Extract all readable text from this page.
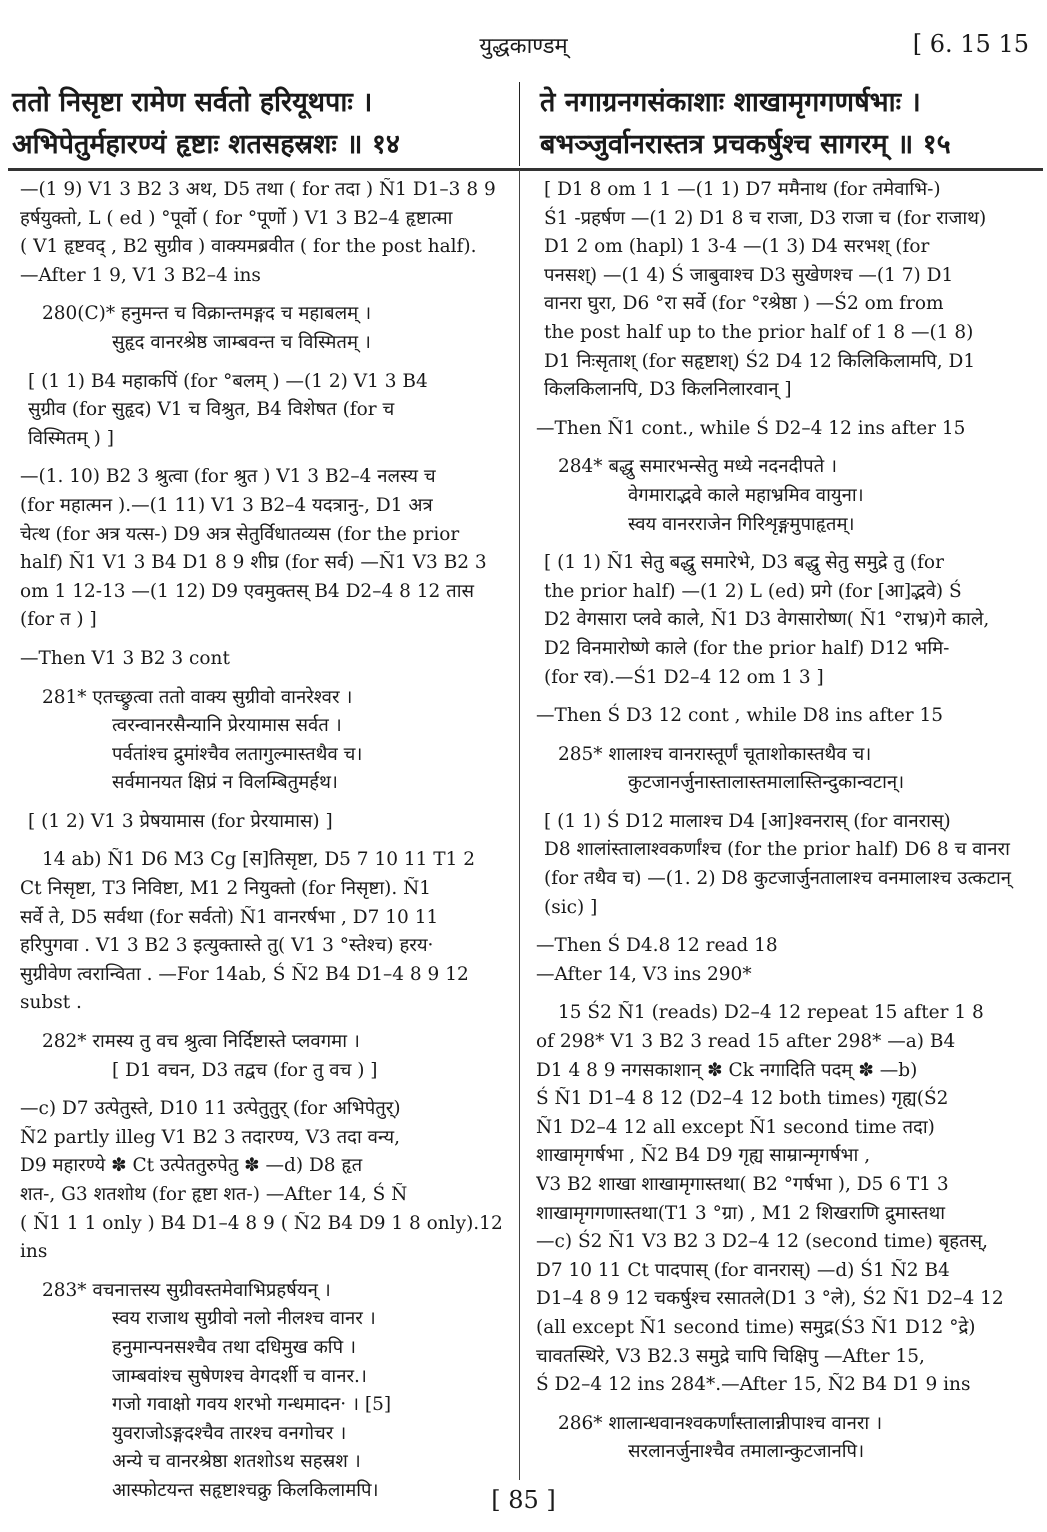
युद्धकाण्डम्	[ 6. 15 15
ततो निसृष्टा रामेण सर्वतो हरियूथपाः ।
अभिपेतुर्महारण्यं हृष्टाः शतसहस्रशः ॥ १४
ते नगाग्रनगसंकाशाः शाखामृगगणर्षभाः ।
बभञ्जुर्वानरास्तत्र प्रचकर्षुश्च सागरम् ॥ १५
—(1 9) V1 3 B2 3 अथ, D5 तथा ( for तदा ) Ñ1 D1–3 8 9
हर्षयुक्तो, L ( ed ) °पूर्वो ( for °पूर्णो ) V1 3 B2–4 हृष्टात्मा
( V1 हृष्टवद् , B2 सुग्रीव ) वाक्यमब्रवीत ( for the post half).
—After 1 9, V1 3 B2–4 ins
280(C)* हनुमन्त च विक्रान्तमङ्गद च महाबलम् ।
सुहृद वानरश्रेष्ठ जाम्बवन्त च विस्मितम् ।
[ (1 1) B4 महाकपिं (for °बलम् ) —(1 2) V1 3 B4
सुग्रीव (for सुहृद) V1 च विश्रुत, B4 विशेषत (for च
विस्मितम् ) ]
—(1. 10) B2 3 श्रुत्वा (for श्रुत ) V1 3 B2–4 नलस्य च
(for महात्मन ).—(1 11) V1 3 B2–4 यदत्रानु-, D1 अत्र
चेत्थ (for अत्र यत्स-) D9 अत्र सेतुर्विधातव्यस (for the prior
half) Ñ1 V1 3 B4 D1 8 9 शीघ्र (for सर्व) —Ñ1 V3 B2 3
om 1 12-13 —(1 12) D9 एवमुक्तस् B4 D2–4 8 12 तास
(for त ) ]
—Then V1 3 B2 3 cont
281* एतच्छ्रुत्वा ततो वाक्य सुग्रीवो वानरेश्वर ।
त्वरन्वानरसैन्यानि प्रेरयामास सर्वत ।
पर्वतांश्च द्रुमांश्चैव लतागुल्मास्तथैव च।
सर्वमानयत क्षिप्रं न विलम्बितुमर्हथ।
[ (1 2) V1 3 प्रेषयामास (for प्रेरयामास) ]
14 ab) Ñ1 D6 M3 Cg [स]तिसृष्टा, D5 7 10 11 T1 2
Ct निसृष्टा, T3 निविष्टा, M1 2 नियुक्तो (for निसृष्टा). Ñ1
सर्वे ते, D5 सर्वथा (for सर्वतो) Ñ1 वानरर्षभा , D7 10 11
हरिपुगवा . V1 3 B2 3 इत्युक्तास्ते तु( V1 3 °स्तेश्च) हरय·
सुग्रीवेण त्वरान्विता . —For 14ab, Ś Ñ2 B4 D1–4 8 9 12
subst .
282* रामस्य तु वच श्रुत्वा निर्दिष्टास्ते प्लवगमा ।
[ D1 वचन, D3 तद्वच (for तु वच ) ]
—c) D7 उत्पेतुस्ते, D10 11 उत्पेतुतुर् (for अभिपेतुर्)
Ñ2 partly illeg V1 B2 3 तदारण्य, V3 तदा वन्य,
D9 महारण्ये ✽ Ct उत्पेततुरुपेतु ✽ —d) D8 हृत
शत-, G3 शतशोथ (for हृष्टा शत-) —After 14, Ś Ñ
( Ñ1 1 1 only ) B4 D1–4 8 9 ( Ñ2 B4 D9 1 8 only).12
ins
283* वचनात्तस्य सुग्रीवस्तमेवाभिप्रहर्षयन् ।
स्वय राजाथ सुग्रीवो नलो नीलश्च वानर ।
हनुमान्पनसश्चैव तथा दधिमुख कपि ।
जाम्बवांश्च सुषेणश्च वेगदर्शी च वानर.।
गजो गवाक्षो गवय शरभो गन्धमादन· । [5]
युवराजोऽङ्गदश्चैव तारश्च वनगोचर ।
अन्ये च वानरश्रेष्ठा शतशोऽथ सहस्रश ।
आस्फोटयन्त सहृष्टाश्चक्रु किलकिलामपि।
[ D1 8 om 1 1 —(1 1) D7 ममैनाथ (for तमेवाभि-)
Ś1 -प्रहर्षण —(1 2) D1 8 च राजा, D3 राजा च (for राजाथ)
D1 2 om (hapl) 1 3-4 —(1 3) D4 सरभश् (for
पनसश्) —(1 4) Ś जाबुवाश्च D3 सुखेणश्च —(1 7) D1
वानरा घुरा, D6 °रा सर्वे (for °रश्रेष्ठा ) —Ś2 om from
the post half up to the prior half of 1 8 —(1 8)
D1 निःसृताश् (for सहृष्टाश्) Ś2 D4 12 किलिकिलामपि, D1
किलकिलानपि, D3 किलनिलारवान् ]
—Then Ñ1 cont., while Ś D2–4 12 ins after 15
284* बद्धु समारभन्सेतु मध्ये नदनदीपते ।
वेगमाराद्भवे काले महाभ्रमिव वायुना।
स्वय वानरराजेन गिरिशृङ्गमुपाहृतम्।
[ (1 1) Ñ1 सेतु बद्धु समारेभे, D3 बद्धु सेतु समुद्रे तु (for
the prior half) —(1 2) L (ed) प्रगे (for [आ]द्भवे) Ś
D2 वेगसारा प्लवे काले, Ñ1 D3 वेगसारोष्ण( Ñ1 °राभ्र)गे काले,
D2 विनमारोष्णे काले (for the prior half) D12 भमि-
(for रव).—Ś1 D2–4 12 om 1 3 ]
—Then Ś D3 12 cont , while D8 ins after 15
285* शालाश्च वानरास्तूर्णं चूताशोकास्तथैव च।
कुटजानर्जुनास्तालास्तमालास्तिन्दुकान्वटान्।
[ (1 1) Ś D12 मालाश्च D4 [आ]श्वनरास् (for वानरास्)
D8 शालांस्तालाश्वकर्णांश्च (for the prior half) D6 8 च वानरा
(for तथैव च) —(1. 2) D8 कुटजार्जुनतालाश्च वनमालाश्च उत्कटान्
(sic) ]
—Then Ś D4.8 12 read 18
—After 14, V3 ins 290*
15 Ś2 Ñ1 (reads) D2–4 12 repeat 15 after 1 8
of 298* V1 3 B2 3 read 15 after 298* —a) B4
D1 4 8 9 नगसकाशान् ✽ Ck नगादिति पदम् ✽ —b)
Ś Ñ1 D1–4 8 12 (D2–4 12 both times) गृह्य(Ś2
Ñ1 D2–4 12 all except Ñ1 second time तदा)
शाखामृगर्षभा , Ñ2 B4 D9 गृह्य साम्रान्मृगर्षभा ,
V3 B2 शाखा शाखामृगास्तथा( B2 °गर्षभा ), D5 6 T1 3
शाखामृगगणास्तथा(T1 3 °ग्रा) , M1 2 शिखराणि द्रुमास्तथा
—c) Ś2 Ñ1 V3 B2 3 D2–4 12 (second time) बृहतस्,
D7 10 11 Ct पादपास् (for वानरास्) —d) Ś1 Ñ2 B4
D1–4 8 9 12 चकर्षुश्च रसातले(D1 3 °ले), Ś2 Ñ1 D2–4 12
(all except Ñ1 second time) समुद्र(Ś3 Ñ1 D12 °द्रे)
चावतस्थिरे, V3 B2.3 समुद्रे चापि चिक्षिपु —After 15,
Ś D2–4 12 ins 284*.—After 15, Ñ2 B4 D1 9 ins
286* शालान्धवानश्वकर्णांस्तालान्नीपाश्च वानरा ।
सरलानर्जुनाश्चैव तमालान्कुटजानपि।
[ 85 ]
